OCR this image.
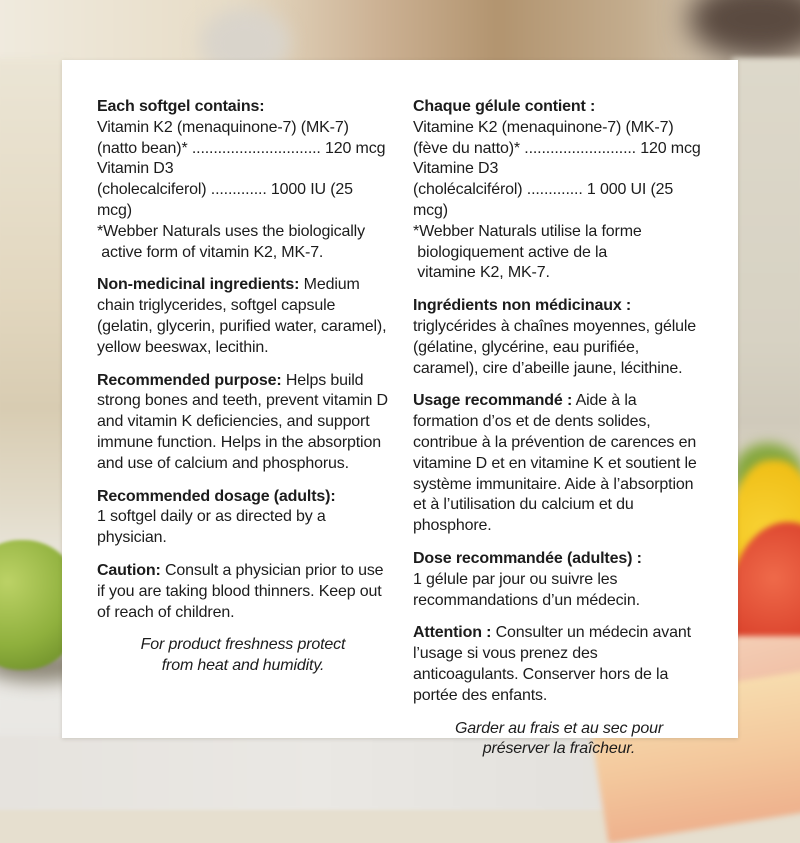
Each softgel contains:
Vitamin K2 (menaquinone-7) (MK-7)
(natto bean)* .............................. 120 mcg
Vitamin D3
(cholecalciferol) ............. 1000 IU (25 mcg)
*Webber Naturals uses the biologically
active form of vitamin K2, MK-7.

Non-medicinal ingredients: Medium chain triglycerides, softgel capsule (gelatin, glycerin, purified water, caramel), yellow beeswax, lecithin.

Recommended purpose: Helps build strong bones and teeth, prevent vitamin D and vitamin K deficiencies, and support immune function. Helps in the absorption and use of calcium and phosphorus.

Recommended dosage (adults):
1 softgel daily or as directed by a physician.

Caution: Consult a physician prior to use if you are taking blood thinners. Keep out of reach of children.

For product freshness protect
from heat and humidity.

Chaque gélule contient :
Vitamine K2 (menaquinone-7) (MK-7)
(fève du natto)* .......................... 120 mcg
Vitamine D3
(cholécalciférol) ............. 1 000 UI (25 mcg)
*Webber Naturals utilise la forme
biologiquement active de la
vitamine K2, MK-7.

Ingrédients non médicinaux :
triglycérides à chaînes moyennes, gélule (gélatine, glycérine, eau purifiée, caramel), cire d’abeille jaune, lécithine.

Usage recommandé : Aide à la formation d’os et de dents solides, contribue à la prévention de carences en vitamine D et en vitamine K et soutient le système immunitaire. Aide à l’absorption et à l’utilisation du calcium et du phosphore.

Dose recommandée (adultes) :
1 gélule par jour ou suivre les recommandations d’un médecin.

Attention : Consulter un médecin avant l’usage si vous prenez des anticoagulants. Conserver hors de la portée des enfants.

Garder au frais et au sec pour
préserver la fraîcheur.
